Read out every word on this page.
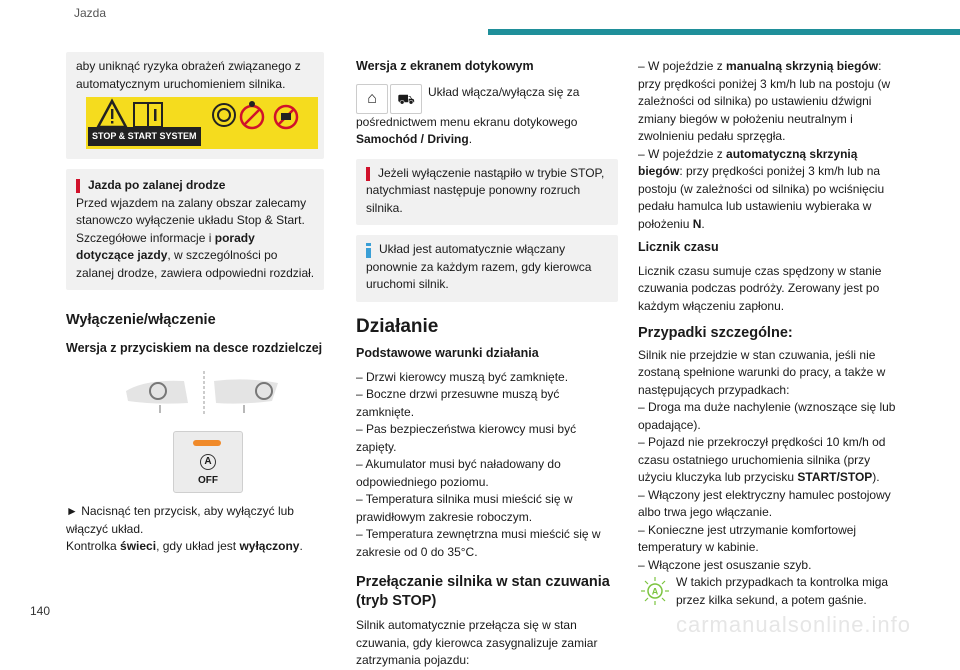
Jazda
140
carmanualsonline.info

aby uniknąć ryzyka obrażeń związanego z automatycznym uruchomieniem silnika.

STOP & START SYSTEM

Jazda po zalanej drodze

Przed wjazdem na zalany obszar zalecamy stanowczo wyłączenie układu Stop & Start. Szczegółowe informacje i porady dotyczące jazdy, w szczególności po zalanej drodze, zawiera odpowiedni rozdział.

Wyłączenie/włączenie

Wersja z przyciskiem na desce rozdzielczej

A
OFF

► Nacisnąć ten przycisk, aby wyłączyć lub włączyć układ.

Kontrolka świeci, gdy układ jest wyłączony.

Wersja z ekranem dotykowym

⌂ ⛟ Układ włącza/wyłącza się za pośrednictwem menu ekranu dotykowego Samochód / Driving.
Jeżeli wyłączenie nastąpiło w trybie STOP, natychmiast następuje ponowny rozruch silnika.
Układ jest automatycznie włączany ponownie za każdym razem, gdy kierowca uruchomi silnik.

Działanie

Podstawowe warunki działania

– Drzwi kierowcy muszą być zamknięte.

– Boczne drzwi przesuwne muszą być zamknięte.

– Pas bezpieczeństwa kierowcy musi być zapięty.

– Akumulator musi być naładowany do odpowiedniego poziomu.

– Temperatura silnika musi mieścić się w prawidłowym zakresie roboczym.

– Temperatura zewnętrzna musi mieścić się w zakresie od 0 do 35°C.

Przełączanie silnika w stan czuwania (tryb STOP)

Silnik automatycznie przełącza się w stan czuwania, gdy kierowca zasygnalizuje zamiar zatrzymania pojazdu:

– W pojeździe z manualną skrzynią biegów: przy prędkości poniżej 3 km/h lub na postoju (w zależności od silnika) po ustawieniu dźwigni zmiany biegów w położeniu neutralnym i zwolnieniu pedału sprzęgła.

– W pojeździe z automatyczną skrzynią biegów: przy prędkości poniżej 3 km/h lub na postoju (w zależności od silnika) po wciśnięciu pedału hamulca lub ustawieniu wybieraka w położeniu N.

Licznik czasu

Licznik czasu sumuje czas spędzony w stanie czuwania podczas podróży. Zerowany jest po każdym włączeniu zapłonu.

Przypadki szczególne:

Silnik nie przejdzie w stan czuwania, jeśli nie zostaną spełnione warunki do pracy, a także w następujących przypadkach:

– Droga ma duże nachylenie (wznoszące się lub opadające).

– Pojazd nie przekroczył prędkości 10 km/h od czasu ostatniego uruchomienia silnika (przy użyciu kluczyka lub przycisku START/STOP).

– Włączony jest elektryczny hamulec postojowy albo trwa jego włączanie.

– Konieczne jest utrzymanie komfortowej temperatury w kabinie.

– Włączone jest osuszanie szyb.

A

W takich przypadkach ta kontrolka miga przez kilka sekund, a potem gaśnie.
